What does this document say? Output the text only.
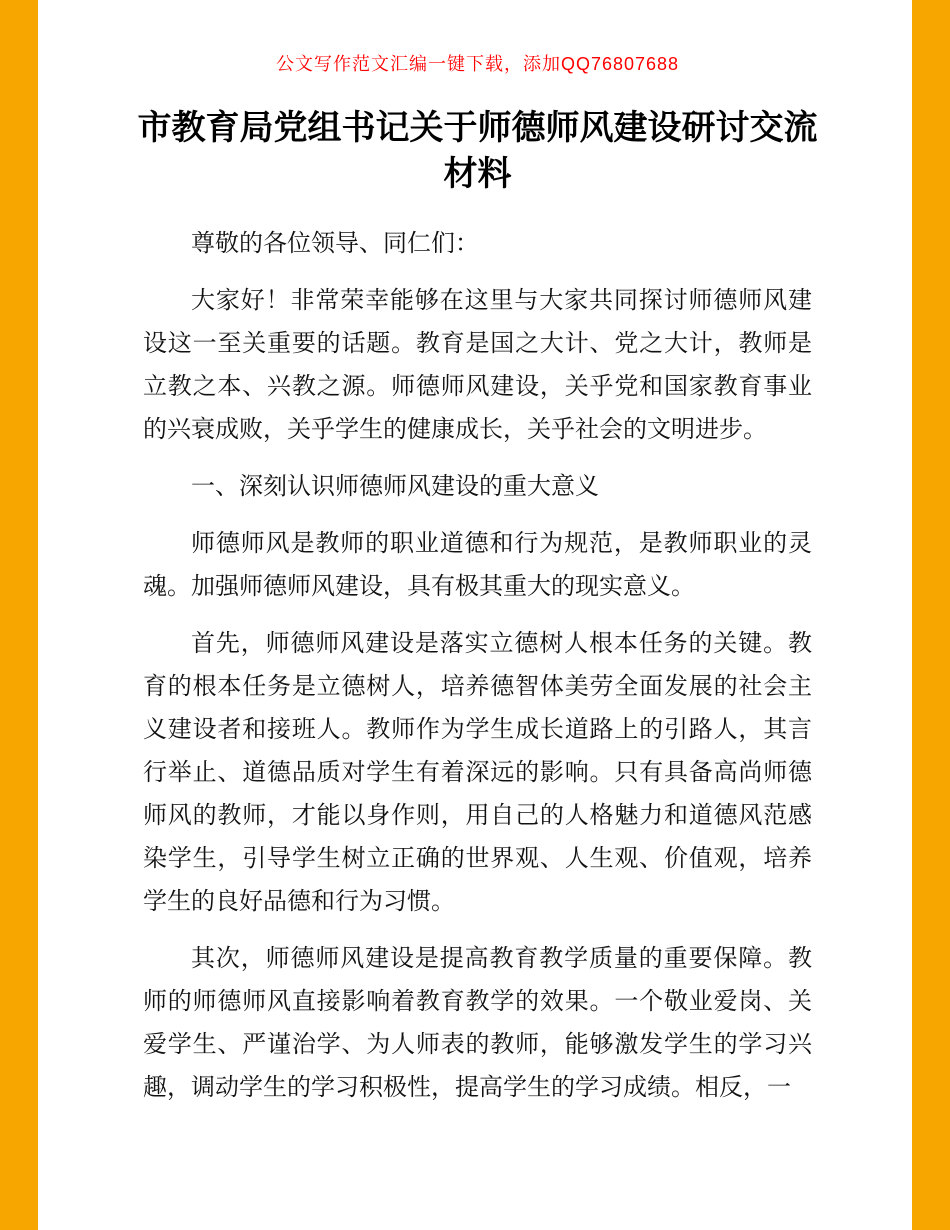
公文写作范文汇编一键下载，添加QQ76807688
市教育局党组书记关于师德师风建设研讨交流材料

尊敬的各位领导、同仁们：

大家好！非常荣幸能够在这里与大家共同探讨师德师风建设这一至关重要的话题。教育是国之大计、党之大计，教师是立教之本、兴教之源。师德师风建设，关乎党和国家教育事业的兴衰成败，关乎学生的健康成长，关乎社会的文明进步。

一、深刻认识师德师风建设的重大意义

师德师风是教师的职业道德和行为规范，是教师职业的灵魂。加强师德师风建设，具有极其重大的现实意义。

首先，师德师风建设是落实立德树人根本任务的关键。教育的根本任务是立德树人，培养德智体美劳全面发展的社会主义建设者和接班人。教师作为学生成长道路上的引路人，其言行举止、道德品质对学生有着深远的影响。只有具备高尚师德师风的教师，才能以身作则，用自己的人格魅力和道德风范感染学生，引导学生树立正确的世界观、人生观、价值观，培养学生的良好品德和行为习惯。

其次，师德师风建设是提高教育教学质量的重要保障。教师的师德师风直接影响着教育教学的效果。一个敬业爱岗、关爱学生、严谨治学、为人师表的教师，能够激发学生的学习兴趣，调动学生的学习积极性，提高学生的学习成绩。相反，一
